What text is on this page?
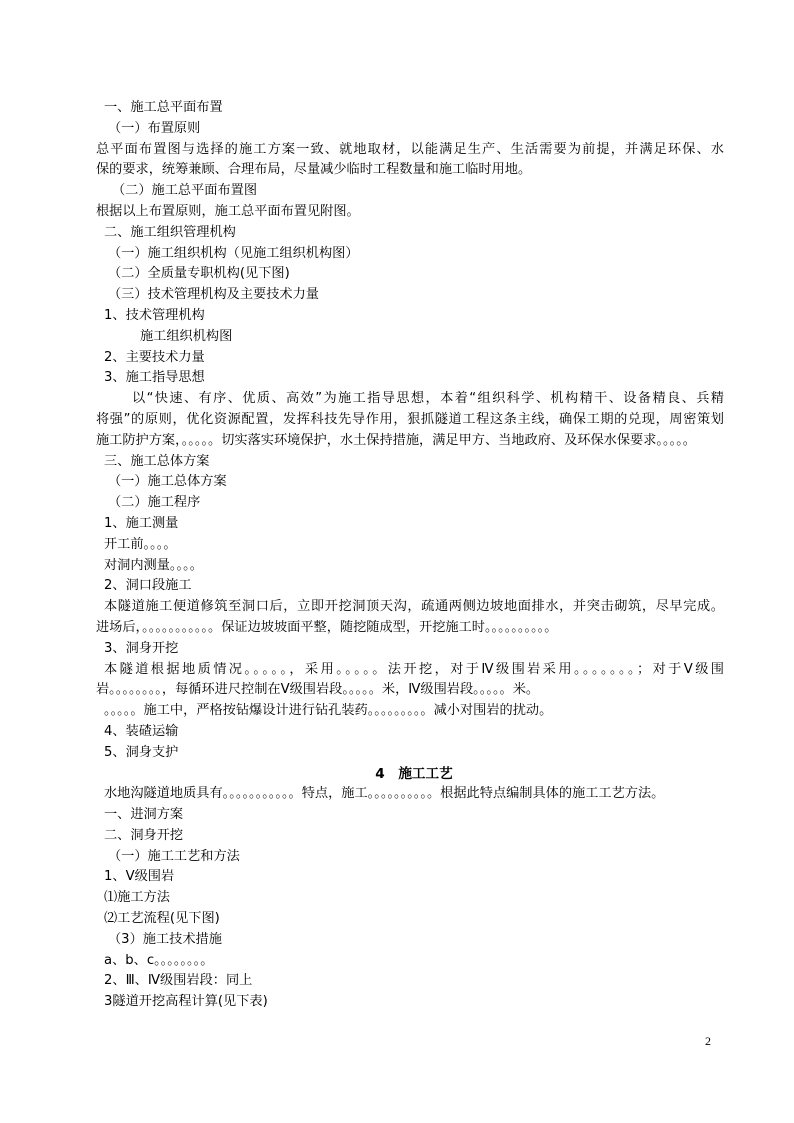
一、施工总平面布置
（一）布置原则
总平面布置图与选择的施工方案一致、就地取材，以能满足生产、生活需要为前提，并满足环保、水
保的要求，统筹兼顾、合理布局，尽量减少临时工程数量和施工临时用地。
（二）施工总平面布置图
根据以上布置原则，施工总平面布置见附图。
二、施工组织管理机构
（一）施工组织机构（见施工组织机构图）
（二）全质量专职机构(见下图)
（三）技术管理机构及主要技术力量
1、技术管理机构
施工组织机构图
2、主要技术力量
3、施工指导思想
以“快速、有序、优质、高效”为施工指导思想，本着“组织科学、机构精干、设备精良、兵精
将强”的原则，优化资源配置，发挥科技先导作用，狠抓隧道工程这条主线，确保工期的兑现，周密策划
施工防护方案，。。。。。切实落实环境保护，水土保持措施，满足甲方、当地政府、及环保水保要求。。。。。
三、施工总体方案
（一）施工总体方案
（二）施工程序
1、施工测量
开工前。。。。
对洞内测量。。。。
2、洞口段施工
本隧道施工便道修筑至洞口后，立即开挖洞顶天沟，疏通两侧边坡地面排水，并突击砌筑，尽早完成。
进场后，。。。。。。。。。。。保证边坡坡面平整，随挖随成型，开挖施工时。。。。。。。。。。
3、洞身开挖
本隧道根据地质情况。。。。。，采用。。。。。法开挖，对于Ⅳ级围岩采用。。。。。。。；对于Ⅴ级围
岩。。。。。。。。，每循环进尺控制在Ⅴ级围岩段。。。。。米，Ⅳ级围岩段。。。。。米。
。。。。。施工中，严格按钻爆设计进行钻孔装药。。。。。。。。。减小对围岩的扰动。
4、装碴运输
5、洞身支护
4　施工工艺
水地沟隧道地质具有。。。。。。。。。。。特点，施工。。。。。。。。。。根据此特点编制具体的施工工艺方法。
一、进洞方案
二、洞身开挖
（一）施工工艺和方法
1、Ⅴ级围岩
⑴施工方法
⑵工艺流程(见下图)
（3）施工技术措施
a、b、c。。。。。。。。
2、Ⅲ、Ⅳ级围岩段：同上
3隧道开挖高程计算(见下表)
2
